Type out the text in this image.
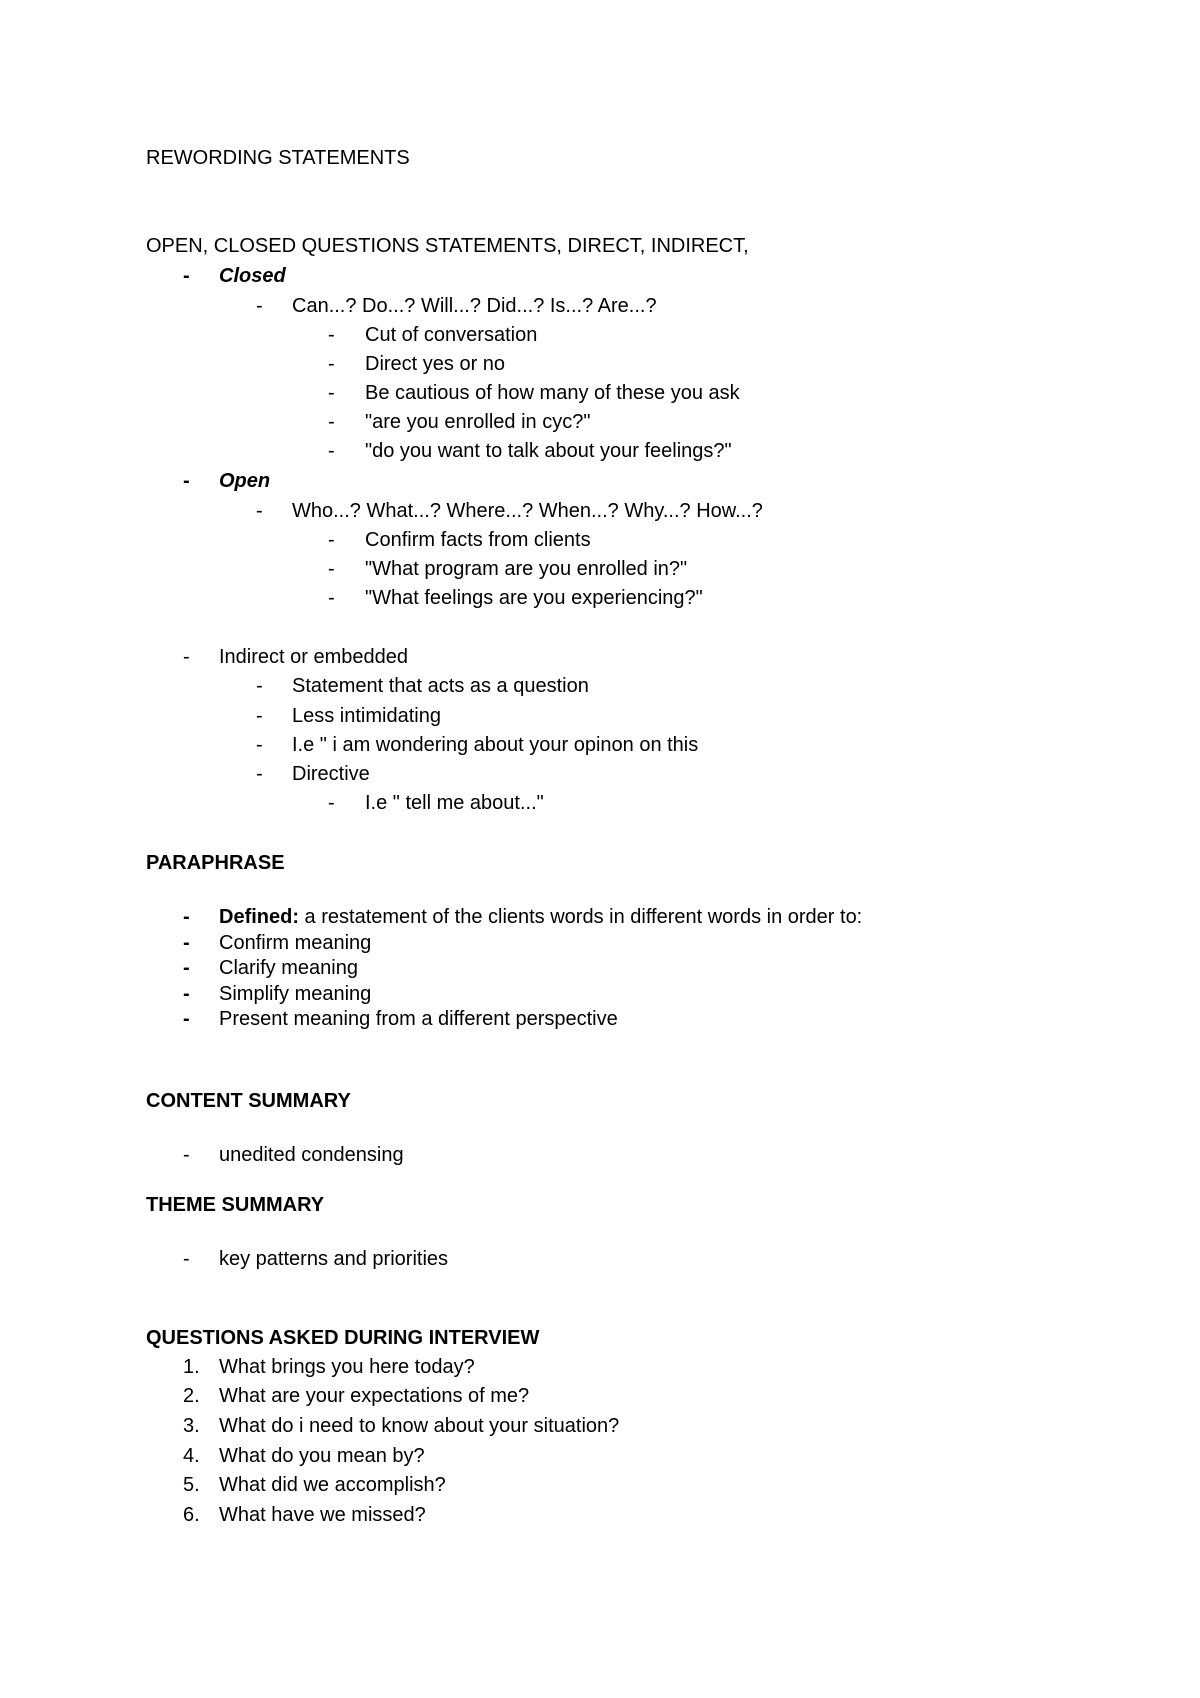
REWORDING STATEMENTS
OPEN, CLOSED QUESTIONS STATEMENTS, DIRECT, INDIRECT,
- Closed
- Can...? Do...? Will...? Did...? Is...? Are...?
- Cut of conversation
- Direct yes or no
- Be cautious of how many of these you ask
- "are you enrolled in cyc?"
- "do you want to talk about your feelings?"
- Open
- Who...? What...? Where...? When...? Why...? How...?
- Confirm facts from clients
- "What program are you enrolled in?"
- "What feelings are you experiencing?"
- Indirect or embedded
- Statement that acts as a question
- Less intimidating
- I.e " i am wondering about your opinon on this
- Directive
- I.e " tell me about..."
PARAPHRASE
- Defined: a restatement of the clients words in different words in order to:
- Confirm meaning
- Clarify meaning
- Simplify meaning
- Present meaning from a different perspective
CONTENT SUMMARY
- unedited condensing
THEME SUMMARY
- key patterns and priorities
QUESTIONS ASKED DURING INTERVIEW
1. What brings you here today?
2. What are your expectations of me?
3. What do i need to know about your situation?
4. What do you mean by?
5. What did we accomplish?
6. What have we missed?
